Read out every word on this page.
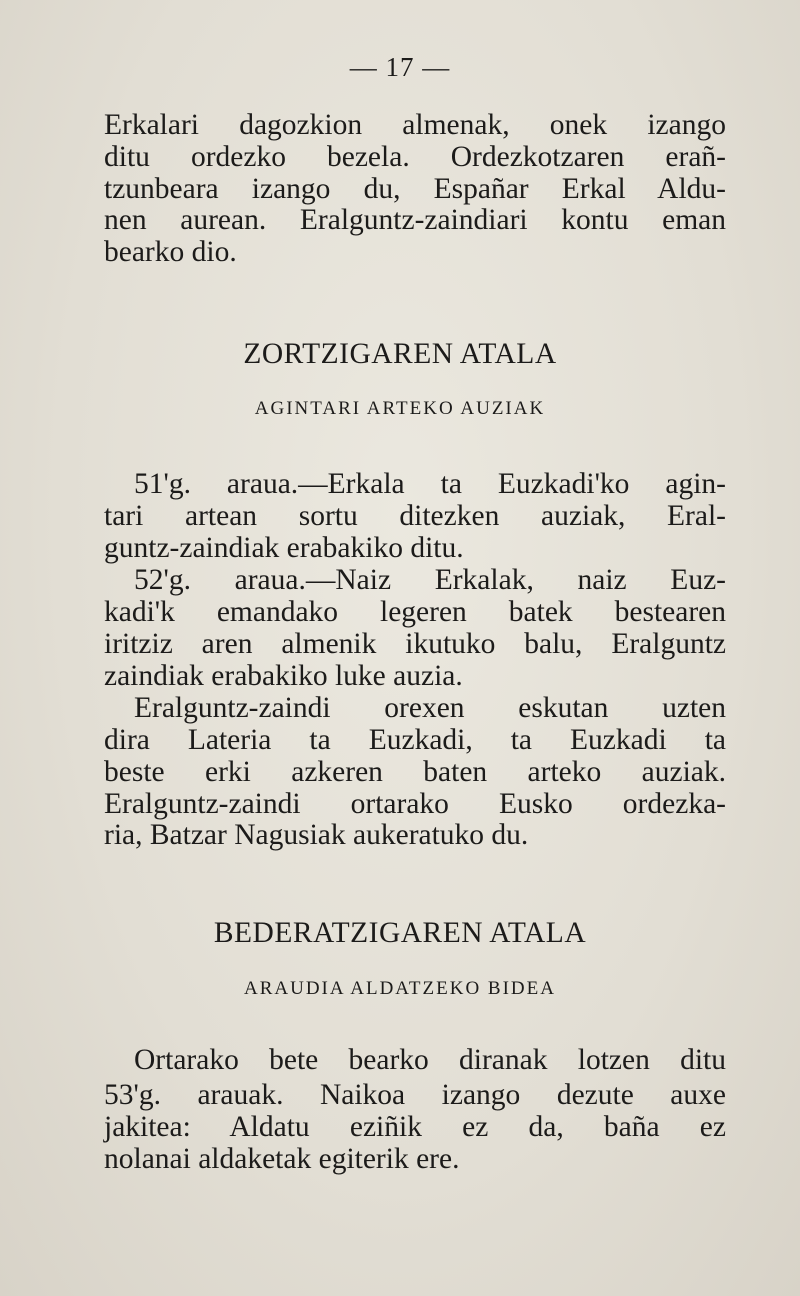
— 17 —

Erkalari dagozkion almenak, onek izango
ditu ordezko bezela. Ordezkotzaren erañ-
tzunbeara izango du, Españar Erkal Aldu-
nen aurean. Eralguntz-zaindiari kontu eman
bearko dio.

ZORTZIGAREN ATALA
AGINTARI ARTEKO AUZIAK

51'g. araua.—Erkala ta Euzkadi'ko agin-

tari artean sortu ditezken auziak, Eral-
guntz-zaindiak erabakiko ditu.

52'g. araua.—Naiz Erkalak, naiz Euz-

kadi'k emandako legeren batek bestearen
iritziz aren almenik ikutuko balu, Eralguntz
zaindiak erabakiko luke auzia.

Eralguntz-zaindi orexen eskutan uzten

dira Lateria ta Euzkadi, ta Euzkadi ta
beste erki azkeren baten arteko auziak.
Eralguntz-zaindi ortarako Eusko ordezka-
ria, Batzar Nagusiak aukeratuko du.

BEDERATZIGAREN ATALA
ARAUDIA ALDATZEKO BIDEA

Ortarako bete bearko diranak lotzen ditu

53'g. arauak. Naikoa izango dezute auxe
jakitea: Aldatu eziñik ez da, baña ez
nolanai aldaketak egiterik ere.
